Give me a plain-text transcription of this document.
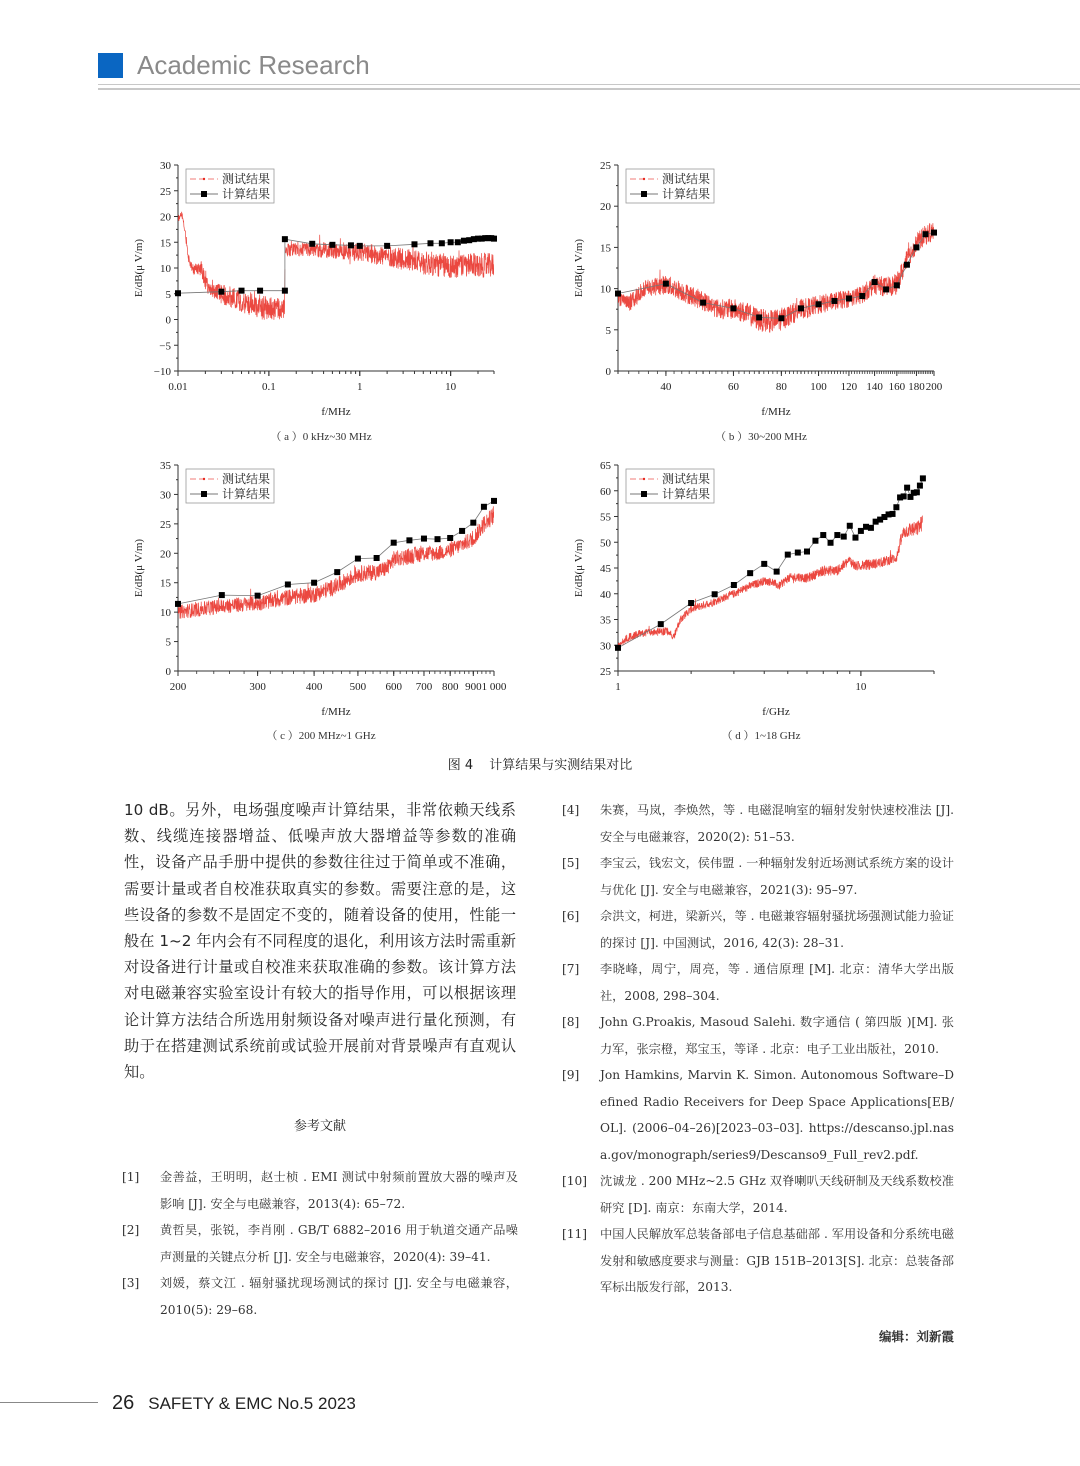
Academic Research
−10
−5
0
5
10
15
20
25
30
0.01	0.1	1	10
f/MHz
E/dB(μ V/m)
测试结果
计算结果
（ a ）0 kHz~30 MHz
0
5
10
15
20
25
40	60	80 100 120 140 160 180 200
f/MHz
E/dB(μ V/m)
测试结果
计算结果
（ b ）30~200 MHz
0
5
10
15
20
25
30
35
200	300	400 500 600 700 800 900 1 000
f/MHz
E/dB(μ V/m)
测试结果
计算结果
（ c ）200 MHz~1 GHz
25
30
35
40
45
50
55
60
65
1	10
f/GHz
E/dB(μ V/m)
测试结果
计算结果
（ d ）1~18 GHz
图 4 计算结果与实测结果对比
10 dB。另外，电场强度噪声计算结果，非常依赖天线系数、线缆连接器增益、低噪声放大器增益等参数的准确性，设备产品手册中提供的参数往往过于简单或不准确，需要计量或者自校准获取真实的参数。需要注意的是，这些设备的参数不是固定不变的，随着设备的使用，性能一般在 1~2 年内会有不同程度的退化，利用该方法时需重新对设备进行计量或自校准来获取准确的参数。该计算方法对电磁兼容实验室设计有较大的指导作用，可以根据该理论计算方法结合所选用射频设备对噪声进行量化预测，有助于在搭建测试系统前或试验开展前对背景噪声有直观认知。
参考文献
[1]	金善益，王明明，赵士桢 . EMI 测试中射频前置放大器的噪声及影响 [J]. 安全与电磁兼容，2013(4): 65–72.
[2]	黄哲昊，张锐，李肖刚 . GB/T 6882–2016 用于轨道交通产品噪声测量的关键点分析 [J]. 安全与电磁兼容，2020(4): 39–41.
[3]	刘媛，蔡文江 . 辐射骚扰现场测试的探讨 [J]. 安全与电磁兼容，2010(5): 29–68.
[4]	朱赛，马岚，李焕然，等 . 电磁混响室的辐射发射快速校准法 [J]. 安全与电磁兼容，2020(2): 51–53.
[5]	李宝云，钱宏文，侯伟盟 . 一种辐射发射近场测试系统方案的设计与优化 [J]. 安全与电磁兼容，2021(3): 95–97.
[6]	佘洪文，柯进，梁新兴，等 . 电磁兼容辐射骚扰场强测试能力验证的探讨 [J]. 中国测试，2016, 42(3): 28–31.
[7]	李晓峰，周宁，周亮，等 . 通信原理 [M]. 北京：清华大学出版社，2008, 298–304.
[8]	John G.Proakis, Masoud Salehi. 数字通信 ( 第四版 )[M]. 张力军，张宗橙，郑宝玉，等译 . 北京：电子工业出版社，2010.
[9]	Jon Hamkins, Marvin K. Simon. Autonomous Software–Defined Radio Receivers for Deep Space Applications[EB/OL]. (2006–04–26)[2023–03–03]. https://descanso.jpl.nasa.gov/monograph/series9/Descanso9_Full_rev2.pdf.
[10]	沈诚龙 . 200 MHz~2.5 GHz 双脊喇叭天线研制及天线系数校准研究 [D]. 南京：东南大学，2014.
[11]	中国人民解放军总装备部电子信息基础部 . 军用设备和分系统电磁发射和敏感度要求与测量：GJB 151B–2013[S]. 北京：总装备部军标出版发行部，2013.
编辑：刘新霞
26 SAFETY & EMC No.5 2023
